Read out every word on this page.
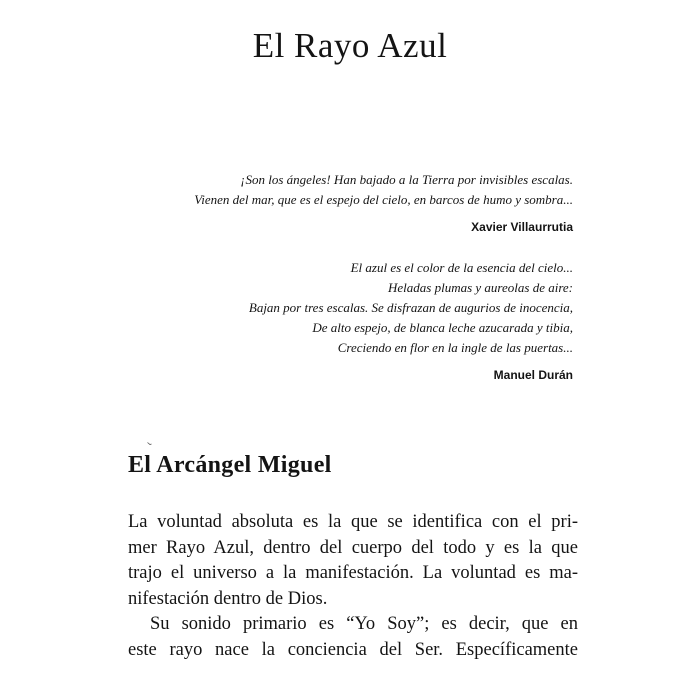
El Rayo Azul
¡Son los ángeles! Han bajado a la Tierra por invisibles escalas.
Vienen del mar, que es el espejo del cielo, en barcos de humo y sombra...
Xavier Villaurrutia
El azul es el color de la esencia del cielo...
Heladas plumas y aureolas de aire:
Bajan por tres escalas. Se disfrazan de augurios de inocencia,
De alto espejo, de blanca leche azucarada y tibia,
Creciendo en flor en la ingle de las puertas...
Manuel Durán
El Arcángel Miguel
La voluntad absoluta es la que se identifica con el pri-
mer Rayo Azul, dentro del cuerpo del todo y es la que
trajo el universo a la manifestación. La voluntad es ma-
nifestación dentro de Dios.
Su sonido primario es “Yo Soy”; es decir, que en
este rayo nace la conciencia del Ser. Específicamente
